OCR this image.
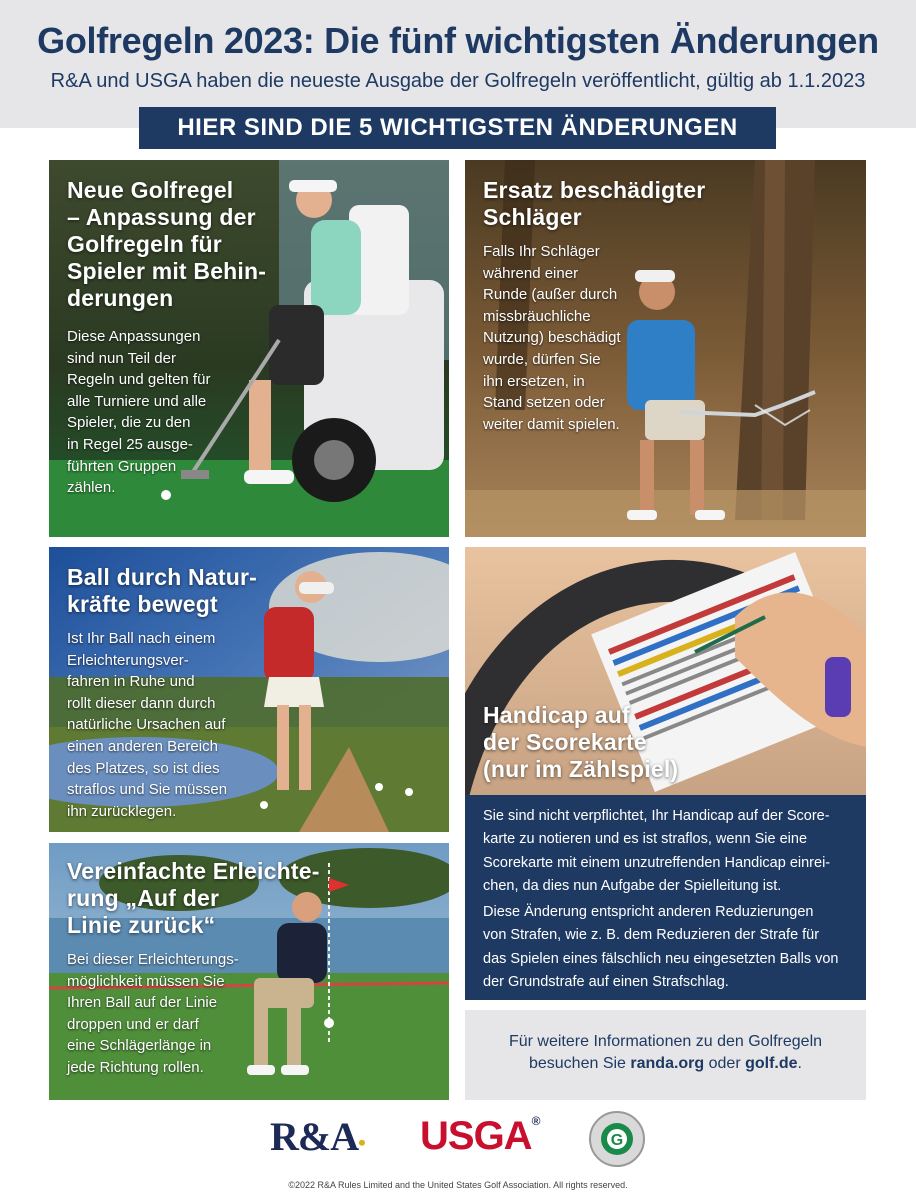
Golfregeln 2023: Die fünf wichtigsten Änderungen
R&A und USGA haben die neueste Ausgabe der Golfregeln veröffentlicht, gültig ab 1.1.2023
HIER SIND DIE 5 WICHTIGSTEN ÄNDERUNGEN
Neue Golfregel
– Anpassung der
Golfregeln für
Spieler mit Behin-
derungen
Diese Anpassungen
sind nun Teil der
Regeln und gelten für
alle Turniere und alle
Spieler, die zu den
in Regel 25 ausge-
führten Gruppen
zählen.
Ersatz beschädigter
Schläger
Falls Ihr Schläger
während einer
Runde (außer durch
missbräuchliche
Nutzung) beschädigt
wurde, dürfen Sie
ihn ersetzen, in
Stand setzen oder
weiter damit spielen.
Ball durch Natur-
kräfte bewegt
Ist Ihr Ball nach einem
Erleichterungsver-
fahren in Ruhe und
rollt dieser dann durch
natürliche Ursachen auf
einen anderen Bereich
des Platzes, so ist dies
straflos und Sie müssen
ihn zurücklegen.
Handicap auf
der Scorekarte
(nur im Zählspiel)
Sie sind nicht verpflichtet, Ihr Handicap auf der Score-
karte zu notieren und es ist straflos, wenn Sie eine
Scorekarte mit einem unzutreffenden Handicap einrei-
chen, da dies nun Aufgabe der Spielleitung ist.
Diese Änderung entspricht anderen Reduzierungen
von Strafen, wie z. B. dem Reduzieren der Strafe für
das Spielen eines fälschlich neu eingesetzten Balls von
der Grundstrafe auf einen Strafschlag.
Vereinfachte Erleichte-
rung „Auf der
Linie zurück“
Bei dieser Erleichterungs-
möglichkeit müssen Sie
Ihren Ball auf der Linie
droppen und er darf
eine Schlägerlänge in
jede Richtung rollen.
Für weitere Informationen zu den Golfregeln
besuchen Sie randa.org oder golf.de.
R&A• USGA®
G
©2022 R&A Rules Limited and the United States Golf Association. All rights reserved.
